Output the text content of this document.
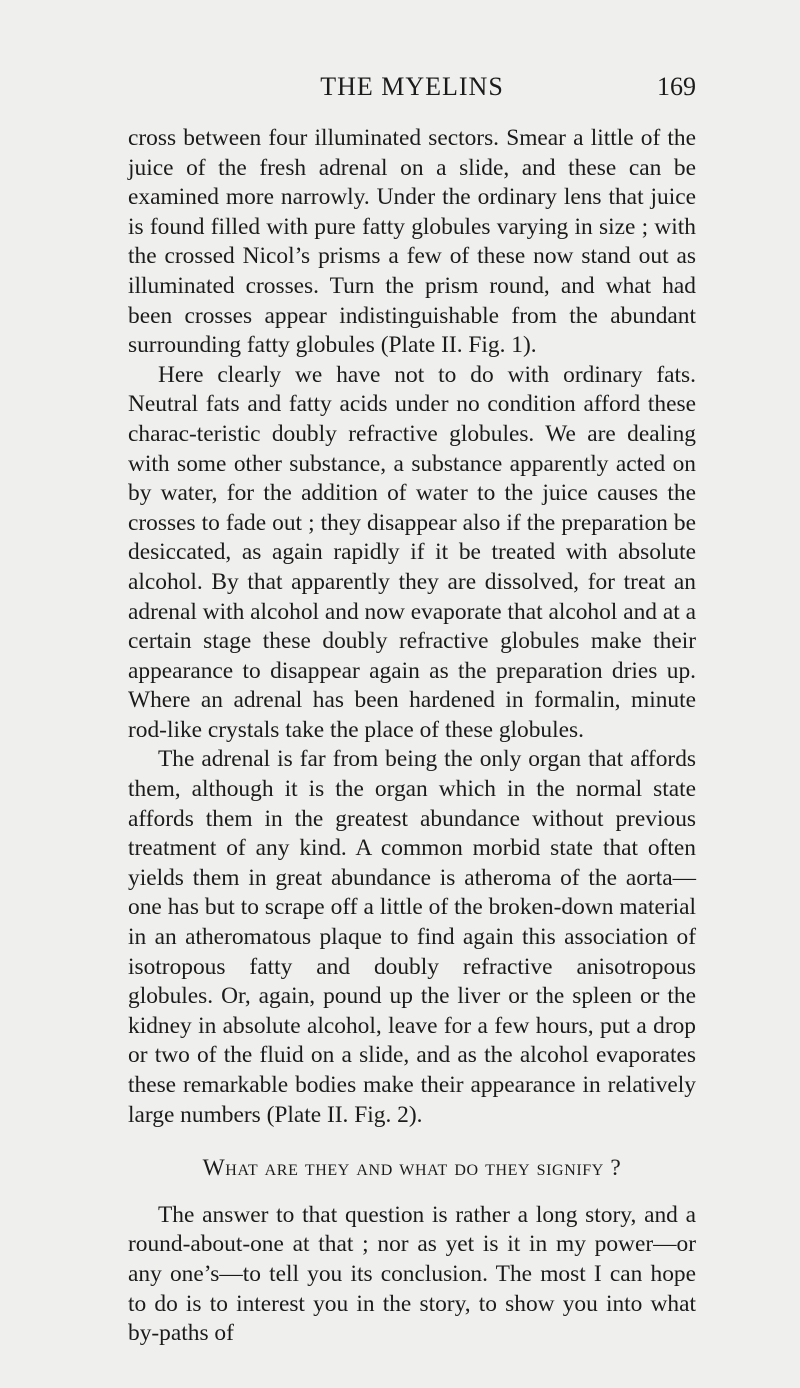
THE MYELINS	169

cross between four illuminated sectors. Smear a little of the juice of the fresh adrenal on a slide, and these can be examined more narrowly. Under the ordinary lens that juice is found filled with pure fatty globules varying in size ; with the crossed Nicol’s prisms a few of these now stand out as illuminated crosses. Turn the prism round, and what had been crosses appear indistinguishable from the abundant surrounding fatty globules (Plate II. Fig. 1).

Here clearly we have not to do with ordinary fats. Neutral fats and fatty acids under no condition afford these charac-teristic doubly refractive globules. We are dealing with some other substance, a substance apparently acted on by water, for the addition of water to the juice causes the crosses to fade out ; they disappear also if the preparation be desiccated, as again rapidly if it be treated with absolute alcohol. By that apparently they are dissolved, for treat an adrenal with alcohol and now evaporate that alcohol and at a certain stage these doubly refractive globules make their appearance to disappear again as the preparation dries up. Where an adrenal has been hardened in formalin, minute rod-like crystals take the place of these globules.

The adrenal is far from being the only organ that affords them, although it is the organ which in the normal state affords them in the greatest abundance without previous treatment of any kind. A common morbid state that often yields them in great abundance is atheroma of the aorta—one has but to scrape off a little of the broken-down material in an atheromatous plaque to find again this association of isotropous fatty and doubly refractive anisotropous globules. Or, again, pound up the liver or the spleen or the kidney in absolute alcohol, leave for a few hours, put a drop or two of the fluid on a slide, and as the alcohol evaporates these remarkable bodies make their appearance in relatively large numbers (Plate II. Fig. 2).

What are they and what do they signify ?

The answer to that question is rather a long story, and a round-about-one at that ; nor as yet is it in my power—or any one’s—to tell you its conclusion. The most I can hope to do is to interest you in the story, to show you into what by-paths of
